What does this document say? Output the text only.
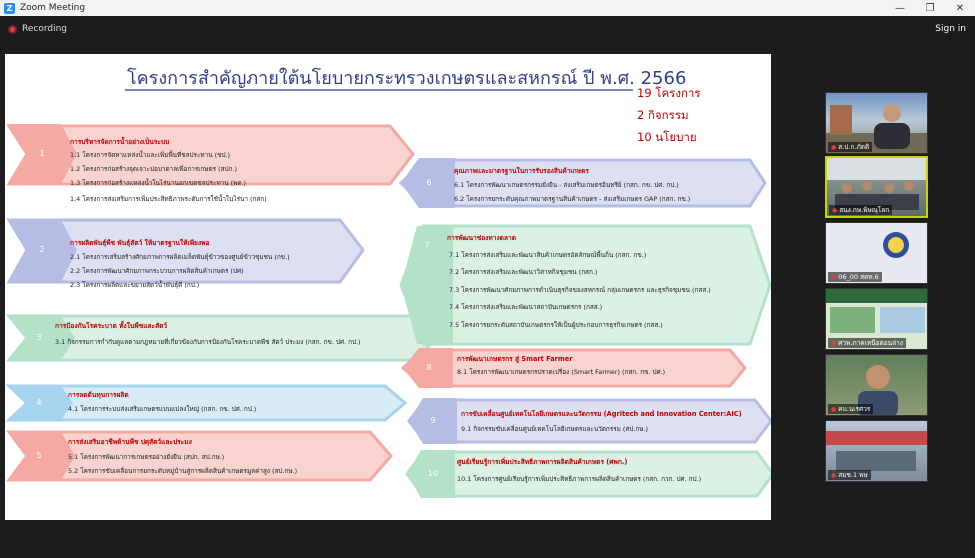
Z Zoom Meeting	—	❐	✕
Recording	Sign in
โครงการสำคัญภายใต้นโยบายกระทรวงเกษตรและสหกรณ์ ปี พ.ศ. 2566
19 โครงการ
2 กิจกรรม
10 นโยบาย
1
การบริหารจัดการน้ำอย่างเป็นระบบ
1.1 โครงการจัดหาแหล่งน้ำและเพิ่มพื้นที่ชลประทาน (ชป.)
1.2 โครงการก่อสร้างจุดเจาะบ่อบาดาลเพื่อการเกษตร (สปก.)
1.3 โครงการก่อสร้างแหล่งน้ำในไร่นานอกเขตชลประทาน (พด.)
1.4 โครงการส่งเสริมการเพิ่มประสิทธิภาพระดับการใช้น้ำในไร่นา (กสก)
2
การผลิตพันธุ์พืช พันธุ์สัตว์ ให้มาตรฐานให้เพียงพอ
2.1 โครงการเสริมสร้างศักยภาพการผลิตเมล็ดพันธุ์ข้าวของศูนย์ข้าวชุมชน (กข.)
2.2 โครงการพัฒนาศักยภาพกระบวนการผลิตสินค้าเกษตร (ปศ)
2.3 โครงการผลิตและขยายสัตว์น้ำพันธุ์ดี (กป.)
3
การป้องกันโรคระบาด ทั้งในพืชและสัตว์
3.1 กิจกรรมการกำกับดูแลตามกฎหมายที่เกี่ยวข้องกับการป้องกันโรคระบาดพืช สัตว์ ประมง (กสก. กข. ปศ. กป.)
4
การลดต้นทุนการผลิต
4.1 โครงการระบบส่งเสริมเกษตรแบบแปลงใหญ่ (กสก. กข. ปศ. กป.)
5
การส่งเสริมอาชีพด้านพืช ปศุสัตว์และประมง
5.1 โครงการพัฒนาการเกษตรอย่างยั่งยืน (สปก. สป.กษ.)
5.2 โครงการขับเคลื่อนการยกระดับหมู่บ้านสู่การผลิตสินค้าเกษตรมูลค่าสูง (สป.กษ.)
6
คุณภาพและมาตรฐานในการรับรองสินค้าเกษตร
6.1 โครงการพัฒนาเกษตรกรรมยั่งยืน - ส่งเสริมเกษตรอินทรีย์ (กสก. กข. ปศ. กป.)
6.2 โครงการยกระดับคุณภาพมาตรฐานสินค้าเกษตร - ส่งเสริมเกษตร GAP (กสก. กข.)
7
การพัฒนาช่องทางตลาด
7.1 โครงการส่งเสริมและพัฒนาสินค้าเกษตรอัตลักษณ์พื้นถิ่น (กสก. กข.)
7.2 โครงการส่งเสริมและพัฒนาวิสาหกิจชุมชน (กสก.)
7.3 โครงการพัฒนาศักยภาพการดำเนินธุรกิจของสหกรณ์ กลุ่มเกษตรกร และธุรกิจชุมชน (กสส.)
7.4 โครงการส่งเสริมและพัฒนาสถาบันเกษตรกร (กสส.)
7.5 โครงการยกระดับสถาบันเกษตรกรให้เป็นผู้ประกอบการธุรกิจเกษตร (กสส.)
8
การพัฒนาเกษตรกร สู่ Smart Farmer
8.1 โครงการพัฒนาเกษตรกรปราดเปรื่อง (Smart Farmer) (กสก. กข. ปศ.)
9
การขับเคลื่อนศูนย์เทคโนโลยีเกษตรและนวัตกรรม (Agritech and Innovation Center:AIC)
9.1 กิจกรรมขับเคลื่อนศูนย์เทคโนโลยีเกษตรและนวัตกรรม (สป.กษ.)
10
ศูนย์เรียนรู้การเพิ่มประสิทธิภาพการผลิตสินค้าเกษตร (ศพก.)
10.1 โครงการศูนย์เรียนรู้การเพิ่มประสิทธิภาพการผลิตสินค้าเกษตร (กสก. กวก. ปศ. กป.)
● ส.ป.ก.ภัตติ
● สนง.กษ.พิษณุโลก
● 06_00 สดท.6
● ศวพ.ภาคเหนือตอนล่าง
● คบ.นเรศวร
● สมช.1 พษ
